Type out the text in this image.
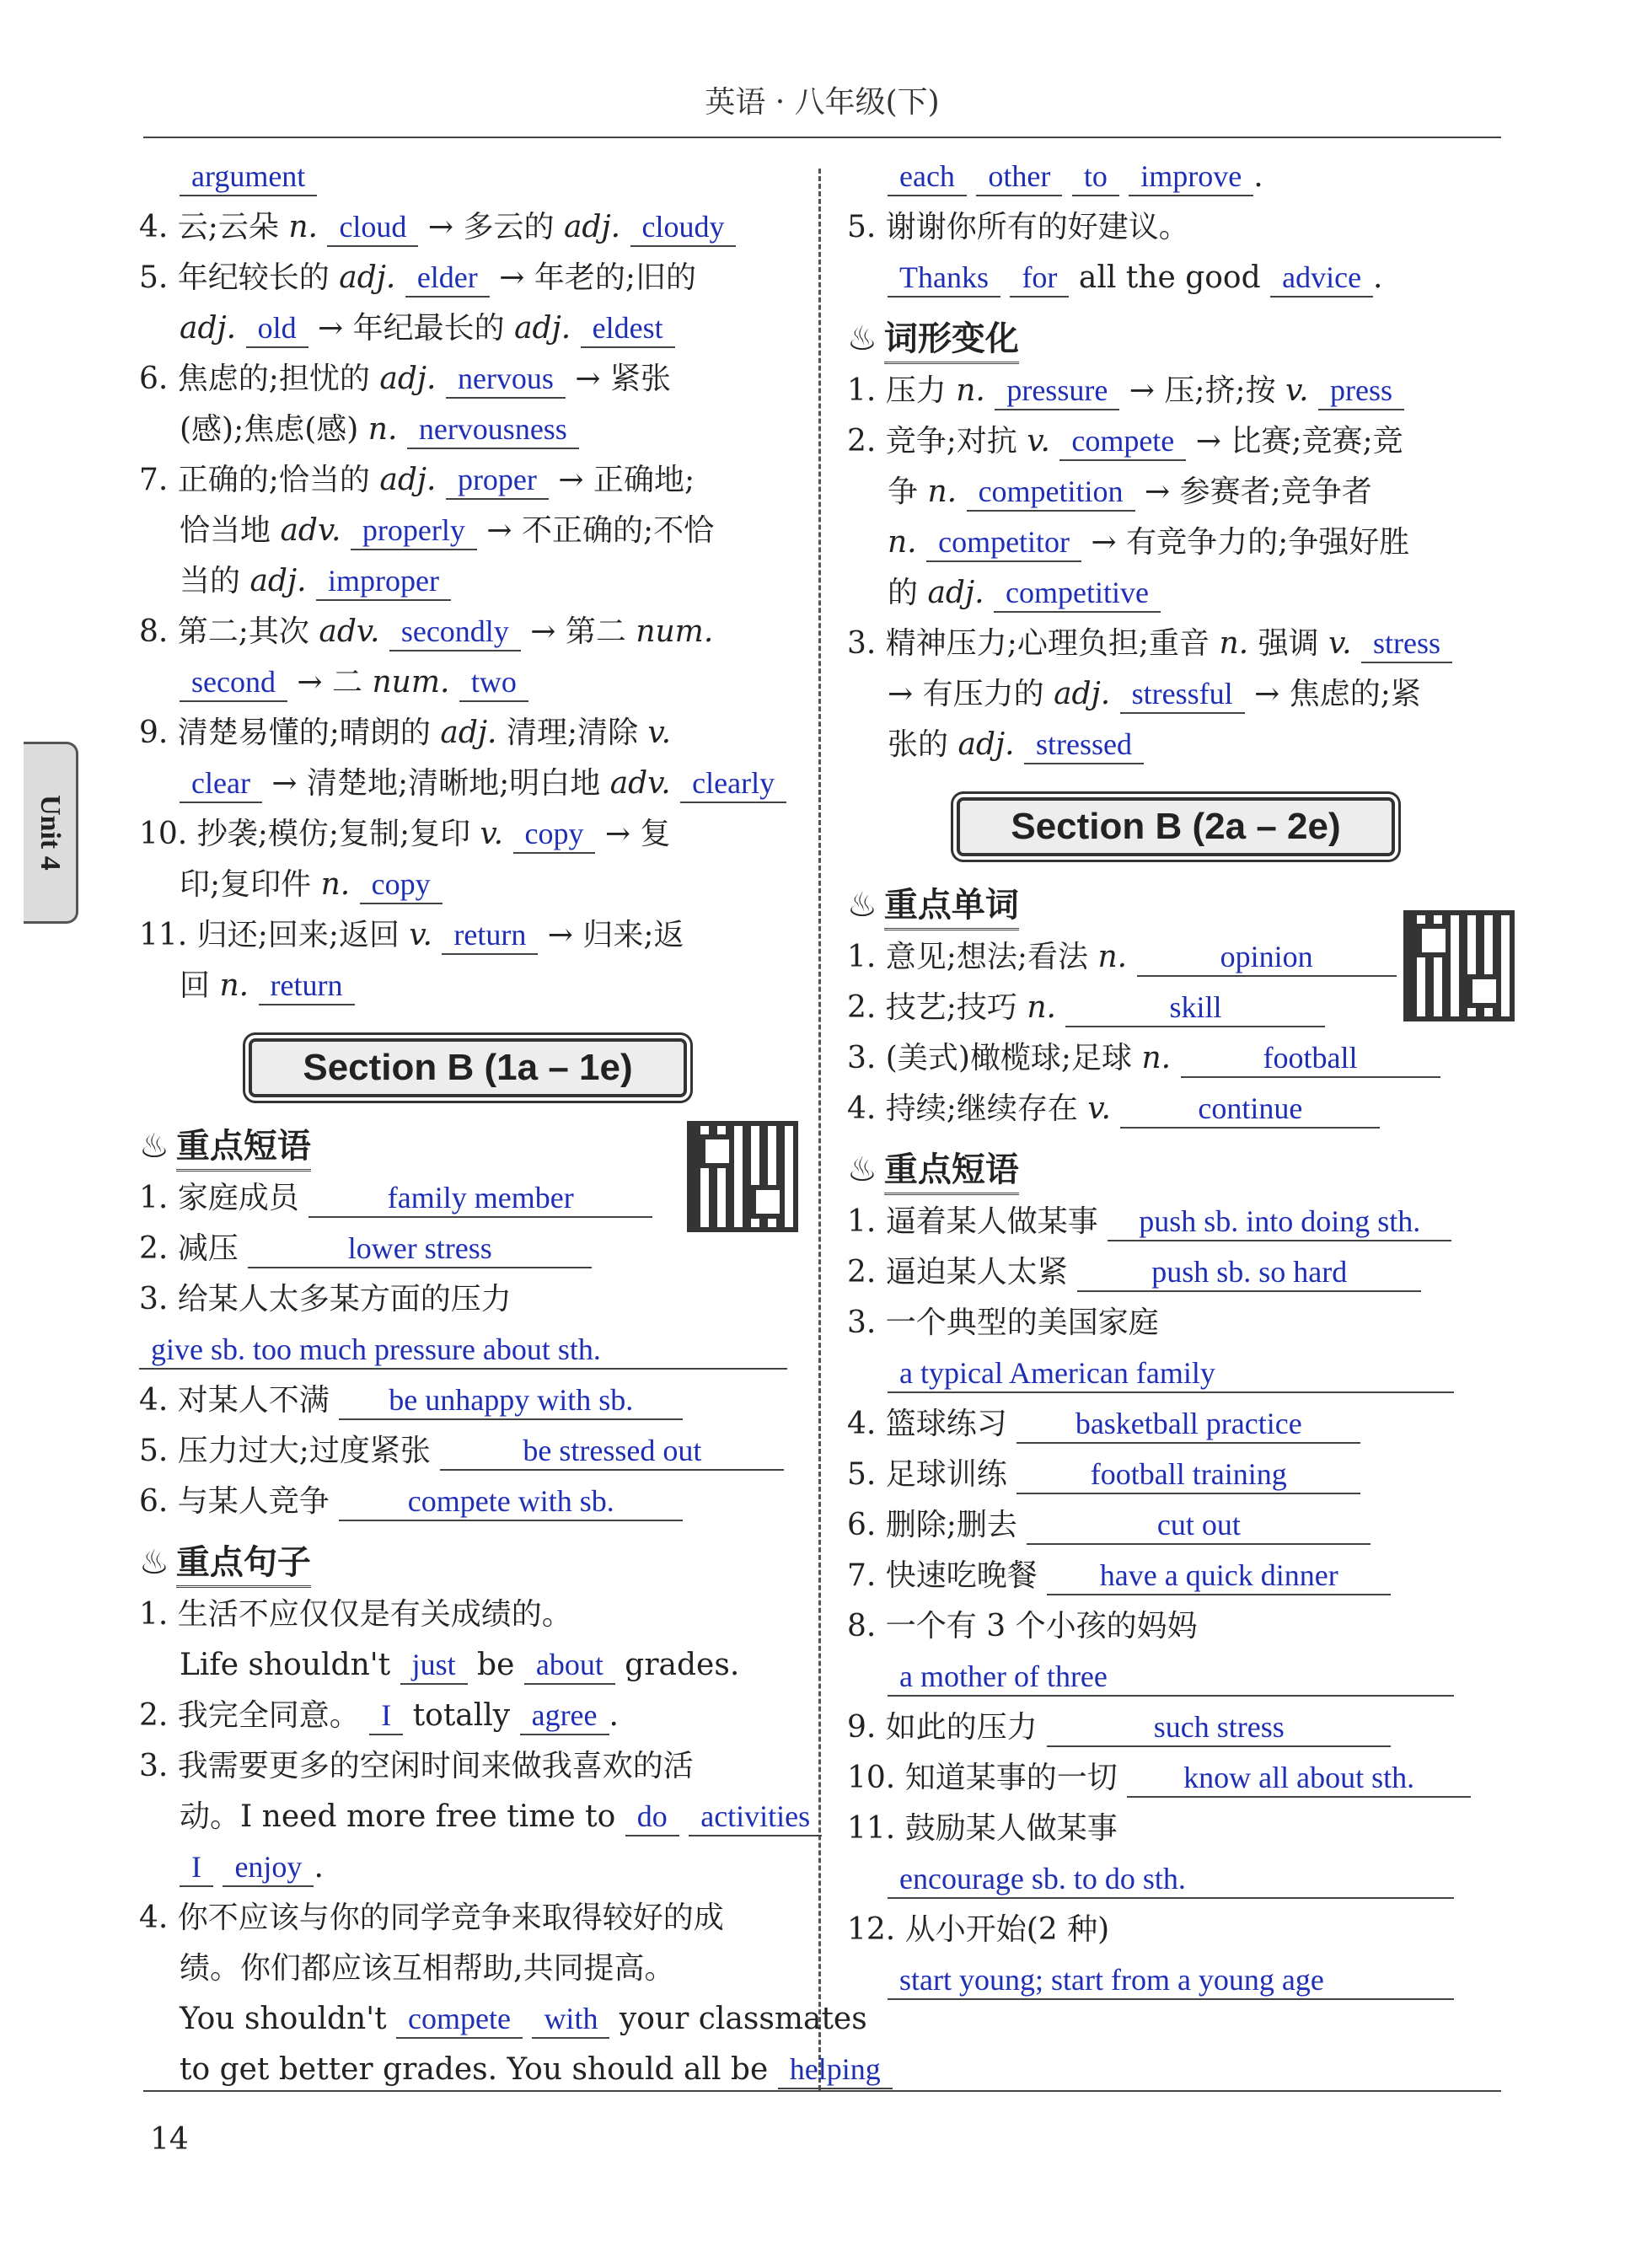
英语 · 八年级(下)
Unit 4
argument
4. 云;云朵 n. cloud → 多云的 adj. cloudy
5. 年纪较长的 adj. elder → 年老的;旧的
adj. old → 年纪最长的 adj. eldest
6. 焦虑的;担忧的 adj. nervous → 紧张
(感);焦虑(感) n. nervousness
7. 正确的;恰当的 adj. proper → 正确地;
恰当地 adv. properly → 不正确的;不恰
当的 adj. improper
8. 第二;其次 adv. secondly → 第二 num.
second → 二 num. two
9. 清楚易懂的;晴朗的 adj. 清理;清除 v.
clear → 清楚地;清晰地;明白地 adv. clearly
10. 抄袭;模仿;复制;复印 v. copy → 复
印;复印件 n. copy
11. 归还;回来;返回 v. return → 归来;返
回 n. return
Section B (1a – 1e)
♨ 重点短语
1. 家庭成员	family member
2. 减压	lower stress
3. 给某人太多某方面的压力
give sb. too much pressure about sth.
4. 对某人不满 be unhappy with sb.
5. 压力过大;过度紧张	be stressed out
6. 与某人竞争 compete with sb.
♨ 重点句子
1. 生活不应仅仅是有关成绩的。
Life shouldn't just be about grades.
2. 我完全同意。 I totally agree .
3. 我需要更多的空闲时间来做我喜欢的活
动。I need more free time to do activities
I enjoy .
4. 你不应该与你的同学竞争来取得较好的成
绩。你们都应该互相帮助,共同提高。
You shouldn't compete with your classmates
to get better grades. You should all be helping
each other to improve .
5. 谢谢你所有的好建议。
Thanks for all the good advice .
♨ 词形变化
1. 压力 n. pressure → 压;挤;按 v. press
2. 竞争;对抗 v. compete → 比赛;竞赛;竞
争 n. competition → 参赛者;竞争者
n. competitor → 有竞争力的;争强好胜
的 adj. competitive
3. 精神压力;心理负担;重音 n. 强调 v. stress
→ 有压力的 adj. stressful → 焦虑的;紧
张的 adj. stressed
Section B (2a – 2e)
♨ 重点单词
1. 意见;想法;看法 n.	opinion
2. 技艺;技巧 n.	skill
3. (美式)橄榄球;足球 n.	football
4. 持续;继续存在 v.	continue
♨ 重点短语
1. 逼着某人做某事 push sb. into doing sth.
2. 逼迫某人太紧 push sb. so hard
3. 一个典型的美国家庭
a typical American family
4. 篮球练习 basketball practice
5. 足球训练 football training
6. 删除;删去	cut out
7. 快速吃晚餐 have a quick dinner
8. 一个有 3 个小孩的妈妈
a mother of three
9. 如此的压力	such stress
10. 知道某事的一切 know all about sth.
11. 鼓励某人做某事
encourage sb. to do sth.
12. 从小开始(2 种)
start young; start from a young age
14
